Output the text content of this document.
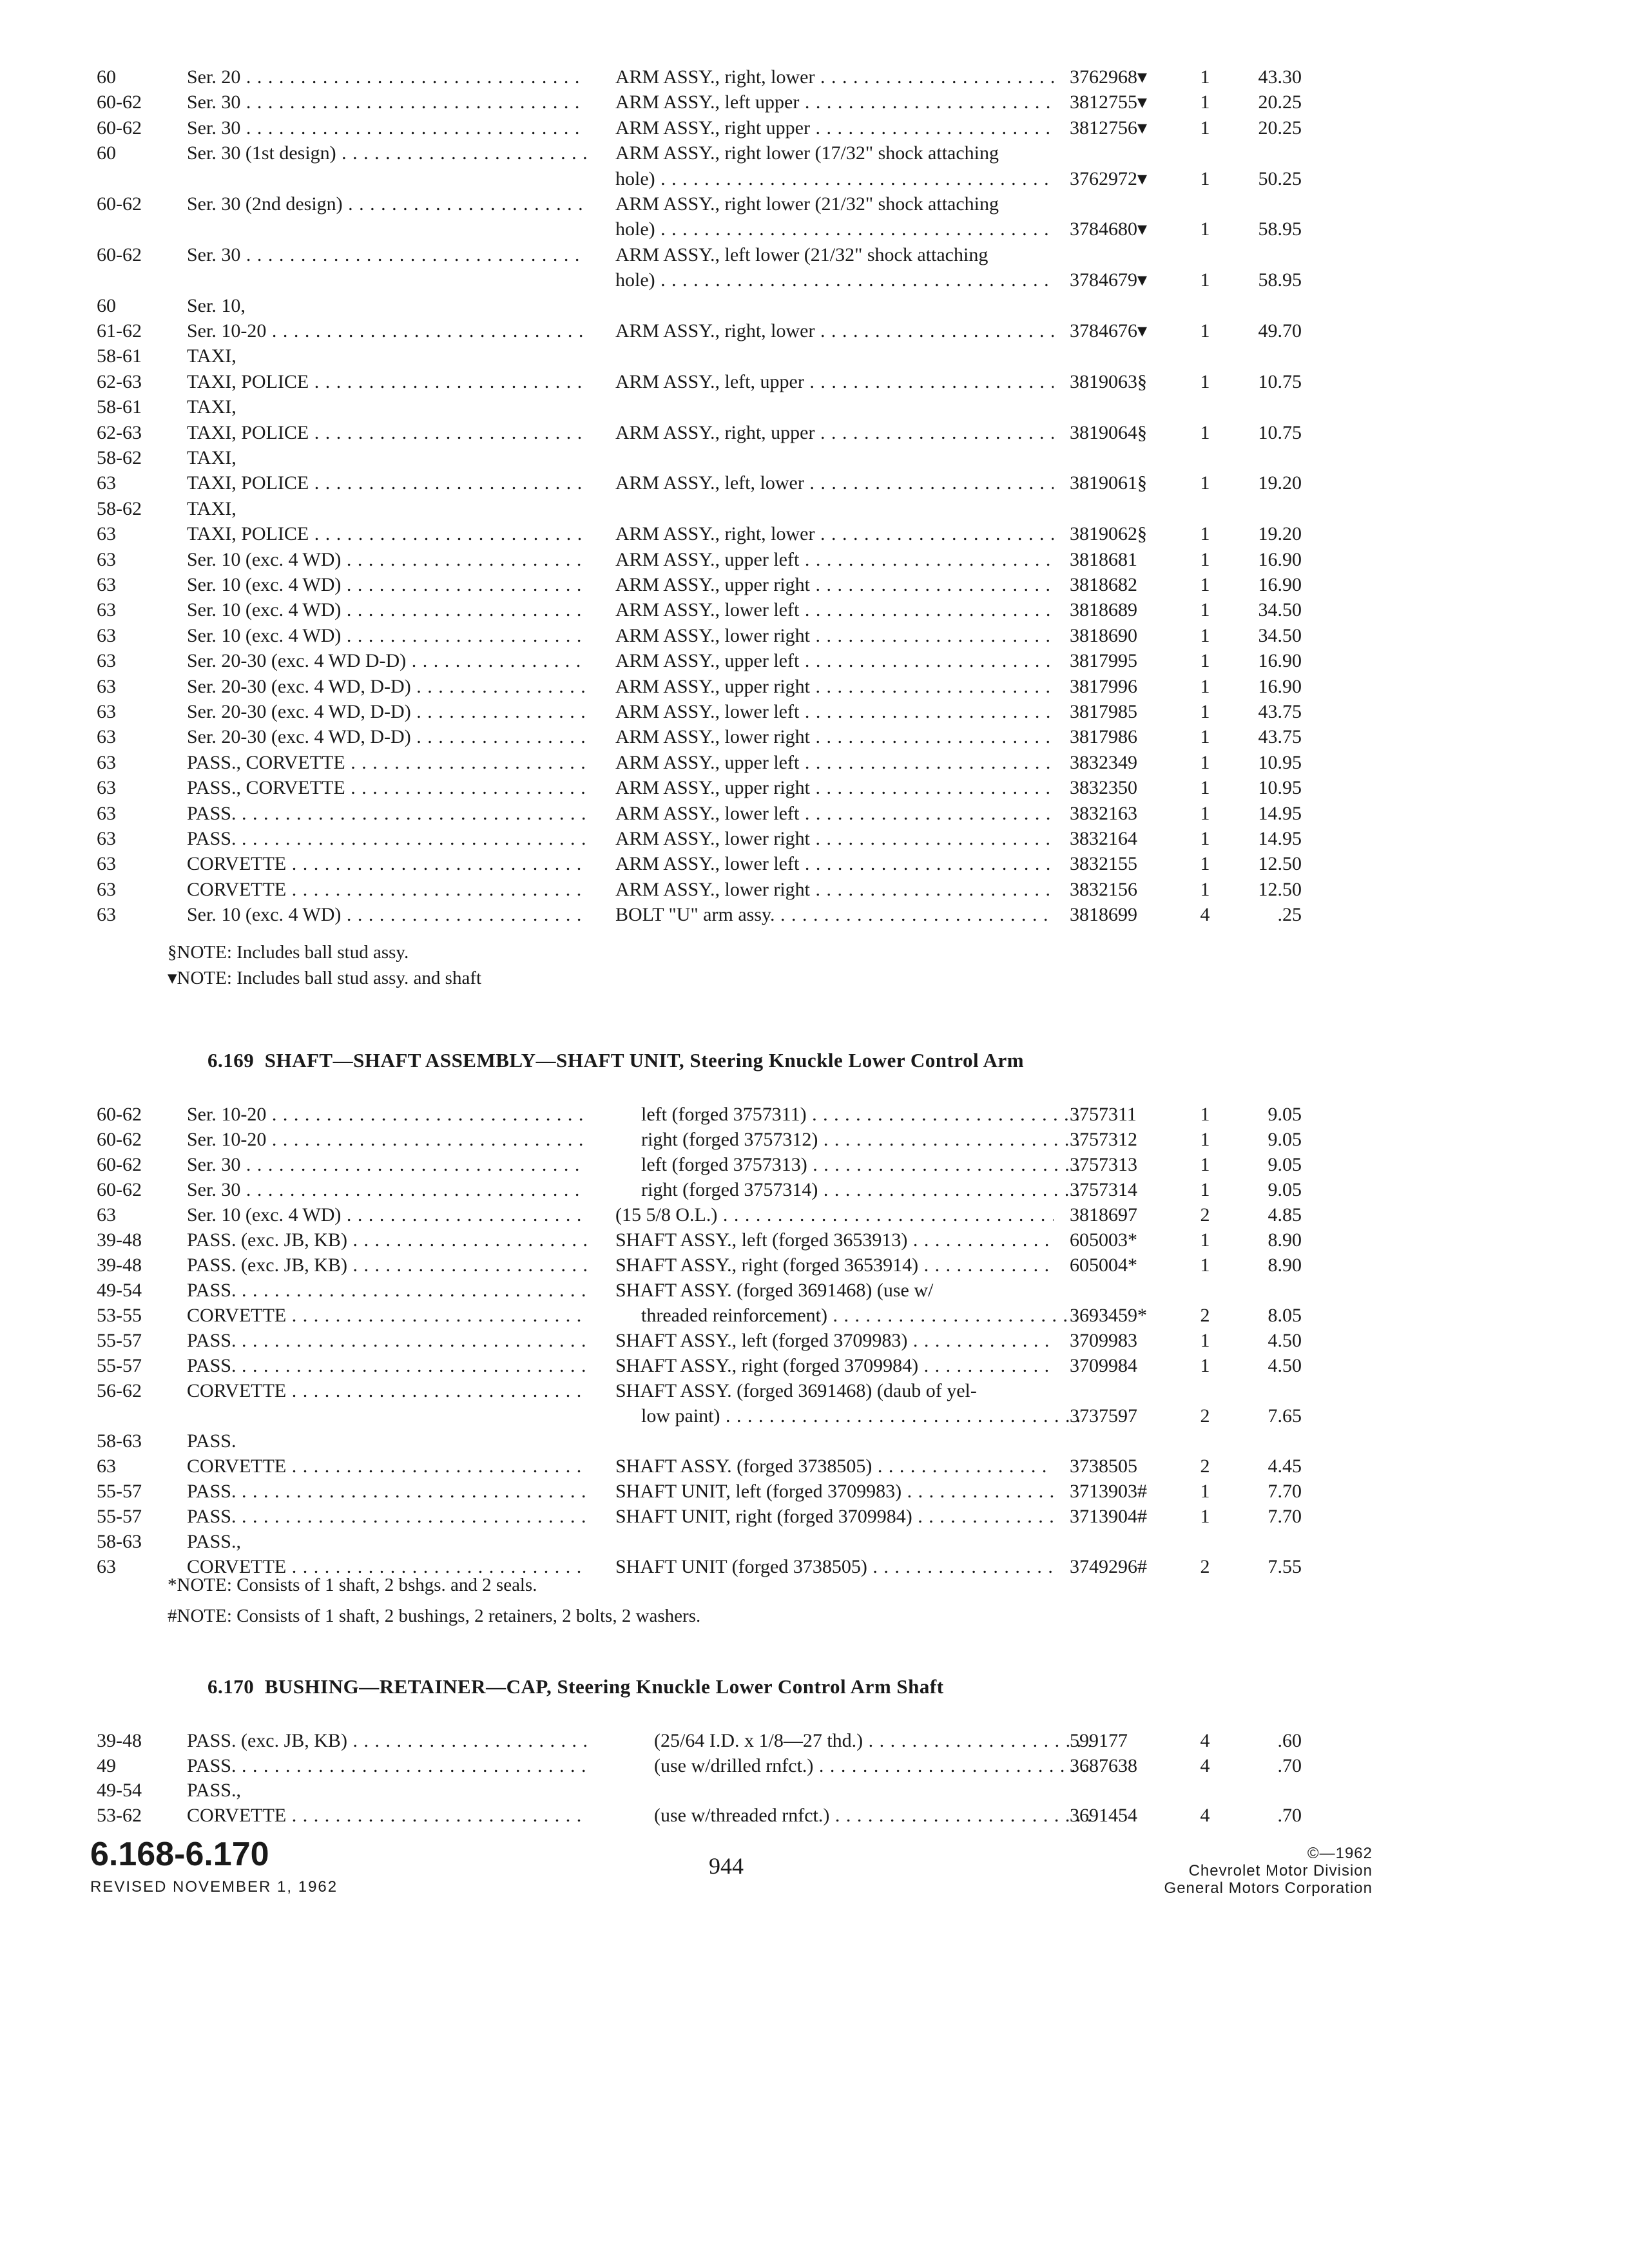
60	Ser. 20 . . .	ARM ASSY., right, lower . . .	3762968▾	1	43.30
60-62	Ser. 30 . . .	ARM ASSY., left upper . . .	3812755▾	1	20.25
60-62	Ser. 30 . . .	ARM ASSY., right upper . . .	3812756▾	1	20.25
60	Ser. 30 (1st design) . . .	ARM ASSY., right lower (17/32" shock attaching
hole) . . .	3762972▾	1	50.25
60-62	Ser. 30 (2nd design) . . .	ARM ASSY., right lower (21/32" shock attaching
hole) . . .	3784680▾	1	58.95
60-62	Ser. 30 . . .	ARM ASSY., left lower (21/32" shock attaching
hole) . . .	3784679▾	1	58.95
60	Ser. 10,
61-62	Ser. 10-20 . . .	ARM ASSY., right, lower . . .	3784676▾	1	49.70
58-61	TAXI,
62-63	TAXI, POLICE . . .	ARM ASSY., left, upper . . .	3819063§	1	10.75
58-61	TAXI,
62-63	TAXI, POLICE . . .	ARM ASSY., right, upper . . .	3819064§	1	10.75
58-62	TAXI,
63	TAXI, POLICE . . .	ARM ASSY., left, lower . . .	3819061§	1	19.20
58-62	TAXI,
63	TAXI, POLICE . . .	ARM ASSY., right, lower . . .	3819062§	1	19.20
63	Ser. 10 (exc. 4 WD) . . .	ARM ASSY., upper left . . .	3818681	1	16.90
63	Ser. 10 (exc. 4 WD) . . .	ARM ASSY., upper right . . .	3818682	1	16.90
63	Ser. 10 (exc. 4 WD) . . .	ARM ASSY., lower left . . .	3818689	1	34.50
63	Ser. 10 (exc. 4 WD) . . .	ARM ASSY., lower right . . .	3818690	1	34.50
63	Ser. 20-30 (exc. 4 WD D-D) . . .	ARM ASSY., upper left . . .	3817995	1	16.90
63	Ser. 20-30 (exc. 4 WD, D-D) . . .	ARM ASSY., upper right . . .	3817996	1	16.90
63	Ser. 20-30 (exc. 4 WD, D-D) . . .	ARM ASSY., lower left . . .	3817985	1	43.75
63	Ser. 20-30 (exc. 4 WD, D-D) . . .	ARM ASSY., lower right . . .	3817986	1	43.75
63	PASS., CORVETTE . . .	ARM ASSY., upper left . . .	3832349	1	10.95
63	PASS., CORVETTE . . .	ARM ASSY., upper right . . .	3832350	1	10.95
63	PASS. . . .	ARM ASSY., lower left . . .	3832163	1	14.95
63	PASS. . . .	ARM ASSY., lower right . . .	3832164	1	14.95
63	CORVETTE . . .	ARM ASSY., lower left . . .	3832155	1	12.50
63	CORVETTE . . .	ARM ASSY., lower right . . .	3832156	1	12.50
63	Ser. 10 (exc. 4 WD) . . .	BOLT "U" arm assy. . . .	3818699	4	.25
§NOTE: Includes ball stud assy.
▾NOTE: Includes ball stud assy. and shaft
6.169 SHAFT—SHAFT ASSEMBLY—SHAFT UNIT, Steering Knuckle Lower Control Arm
60-62	Ser. 10-20 . . .	left (forged 3757311) . . .	3757311	1	9.05
60-62	Ser. 10-20 . . .	right (forged 3757312) . . .	3757312	1	9.05
60-62	Ser. 30 . . .	left (forged 3757313) . . .	3757313	1	9.05
60-62	Ser. 30 . . .	right (forged 3757314) . . .	3757314	1	9.05
63	Ser. 10 (exc. 4 WD) . . .	(15 5/8 O.L.) . . .	3818697	2	4.85
39-48	PASS. (exc. JB, KB) . . .	SHAFT ASSY., left (forged 3653913) . . .	605003*	1	8.90
39-48	PASS. (exc. JB, KB) . . .	SHAFT ASSY., right (forged 3653914) . . .	605004*	1	8.90
49-54	PASS. . . .	SHAFT ASSY. (forged 3691468) (use w/
53-55	CORVETTE . . .	threaded reinforcement) . . .	3693459*	2	8.05
55-57	PASS. . . .	SHAFT ASSY., left (forged 3709983) . . .	3709983	1	4.50
55-57	PASS. . . .	SHAFT ASSY., right (forged 3709984) . . .	3709984	1	4.50
56-62	CORVETTE . . .	SHAFT ASSY. (forged 3691468) (daub of yel-
low paint) . . .	3737597	2	7.65
58-63	PASS.
63	CORVETTE . . .	SHAFT ASSY. (forged 3738505) . . .	3738505	2	4.45
55-57	PASS. . . .	SHAFT UNIT, left (forged 3709983) . . .	3713903#	1	7.70
55-57	PASS. . . .	SHAFT UNIT, right (forged 3709984) . . .	3713904#	1	7.70
58-63	PASS.,
63	CORVETTE . . .	SHAFT UNIT (forged 3738505) . . .	3749296#	2	7.55
*NOTE: Consists of 1 shaft, 2 bshgs. and 2 seals.
#NOTE: Consists of 1 shaft, 2 bushings, 2 retainers, 2 bolts, 2 washers.
6.170 BUSHING—RETAINER—CAP, Steering Knuckle Lower Control Arm Shaft
39-48	PASS. (exc. JB, KB) . . .	(25/64 I.D. x 1/8—27 thd.) . . .	599177	4	.60
49	PASS. . . .	(use w/drilled rnfct.) . . .	3687638	4	.70
49-54	PASS.,
53-62	CORVETTE . . .	(use w/threaded rnfct.) . . .	3691454	4	.70
6.168-6.170
REVISED NOVEMBER 1, 1962
944	©—1962
Chevrolet Motor Division
General Motors Corporation
